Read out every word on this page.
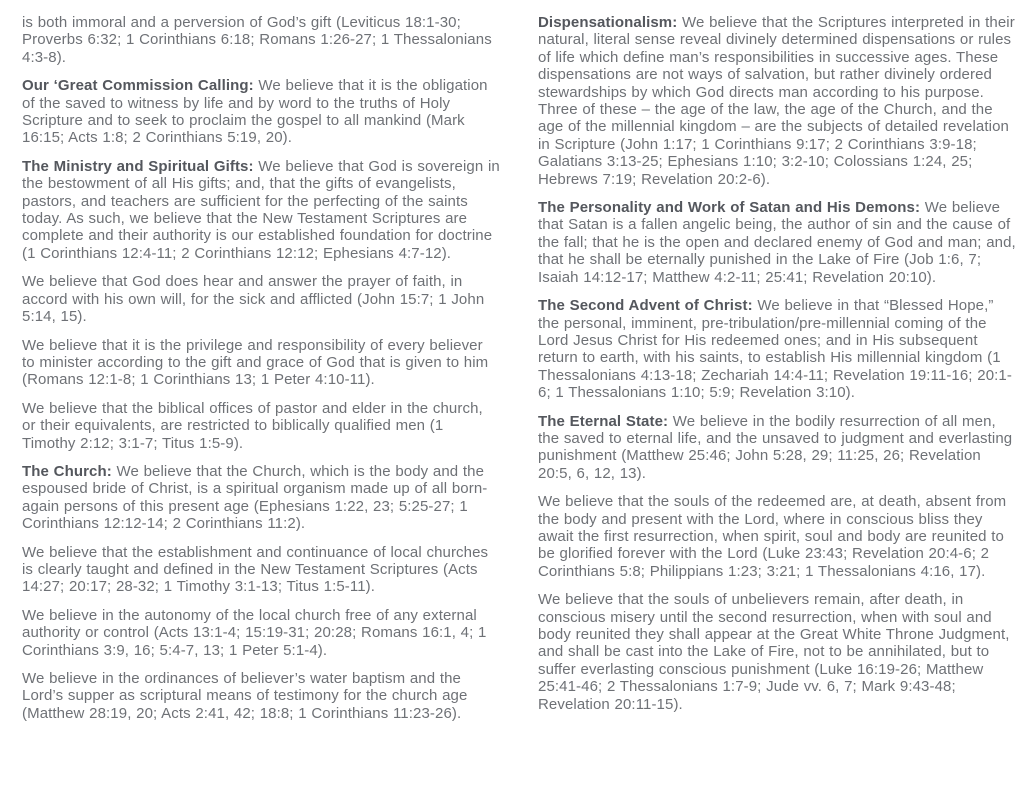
is both immoral and a perversion of God’s gift (Leviticus 18:1-30; Proverbs 6:32; 1 Corinthians 6:18; Romans 1:26-27; 1 Thessalonians 4:3-8).

Our ‘Great Commission Calling: We believe that it is the obligation of the saved to witness by life and by word to the truths of Holy Scripture and to seek to proclaim the gospel to all mankind (Mark 16:15; Acts 1:8; 2 Corinthians 5:19, 20).

The Ministry and Spiritual Gifts: We believe that God is sovereign in the bestowment of all His gifts; and, that the gifts of evangelists, pastors, and teachers are sufficient for the perfecting of the saints today. As such, we believe that the New Testament Scriptures are complete and their authority is our established foundation for doctrine (1 Corinthians 12:4-11; 2 Corinthians 12:12; Ephesians 4:7-12).

We believe that God does hear and answer the prayer of faith, in accord with his own will, for the sick and afflicted (John 15:7; 1 John 5:14, 15).

We believe that it is the privilege and responsibility of every believer to minister according to the gift and grace of God that is given to him (Romans 12:1-8; 1 Corinthians 13; 1 Peter 4:10-11).

We believe that the biblical offices of pastor and elder in the church, or their equivalents, are restricted to biblically qualified men (1 Timothy 2:12; 3:1-7; Titus 1:5-9).

The Church: We believe that the Church, which is the body and the espoused bride of Christ, is a spiritual organism made up of all born-again persons of this present age (Ephesians 1:22, 23; 5:25-27; 1 Corinthians 12:12-14; 2 Corinthians 11:2).

We believe that the establishment and continuance of local churches is clearly taught and defined in the New Testament Scriptures (Acts 14:27; 20:17; 28-32; 1 Timothy 3:1-13; Titus 1:5-11).

We believe in the autonomy of the local church free of any external authority or control (Acts 13:1-4; 15:19-31; 20:28; Romans 16:1, 4; 1 Corinthians 3:9, 16; 5:4-7, 13; 1 Peter 5:1-4).

We believe in the ordinances of believer’s water baptism and the Lord’s supper as scriptural means of testimony for the church age (Matthew 28:19, 20; Acts 2:41, 42; 18:8; 1 Corinthians 11:23-26).

Dispensationalism: We believe that the Scriptures interpreted in their natural, literal sense reveal divinely determined dispensations or rules of life which define man’s responsibilities in successive ages. These dispensations are not ways of salvation, but rather divinely ordered stewardships by which God directs man according to his purpose. Three of these – the age of the law, the age of the Church, and the age of the millennial kingdom – are the subjects of detailed revelation in Scripture (John 1:17; 1 Corinthians 9:17; 2 Corinthians 3:9-18; Galatians 3:13-25; Ephesians 1:10; 3:2-10; Colossians 1:24, 25; Hebrews 7:19; Revelation 20:2-6).

The Personality and Work of Satan and His Demons: We believe that Satan is a fallen angelic being, the author of sin and the cause of the fall; that he is the open and declared enemy of God and man; and, that he shall be eternally punished in the Lake of Fire (Job 1:6, 7; Isaiah 14:12-17; Matthew 4:2-11; 25:41; Revelation 20:10).

The Second Advent of Christ: We believe in that “Blessed Hope,” the personal, imminent, pre-tribulation/pre-millennial coming of the Lord Jesus Christ for His redeemed ones; and in His subsequent return to earth, with his saints, to establish His millennial kingdom (1 Thessalonians 4:13-18; Zechariah 14:4-11; Revelation 19:11-16; 20:1-6; 1 Thessalonians 1:10; 5:9; Revelation 3:10).

The Eternal State: We believe in the bodily resurrection of all men, the saved to eternal life, and the unsaved to judgment and everlasting punishment (Matthew 25:46; John 5:28, 29; 11:25, 26; Revelation 20:5, 6, 12, 13).

We believe that the souls of the redeemed are, at death, absent from the body and present with the Lord, where in conscious bliss they await the first resurrection, when spirit, soul and body are reunited to be glorified forever with the Lord (Luke 23:43; Revelation 20:4-6; 2 Corinthians 5:8; Philippians 1:23; 3:21; 1 Thessalonians 4:16, 17).

We believe that the souls of unbelievers remain, after death, in conscious misery until the second resurrection, when with soul and body reunited they shall appear at the Great White Throne Judgment, and shall be cast into the Lake of Fire, not to be annihilated, but to suffer everlasting conscious punishment (Luke 16:19-26; Matthew 25:41-46; 2 Thessalonians 1:7-9; Jude vv. 6, 7; Mark 9:43-48; Revelation 20:11-15).
